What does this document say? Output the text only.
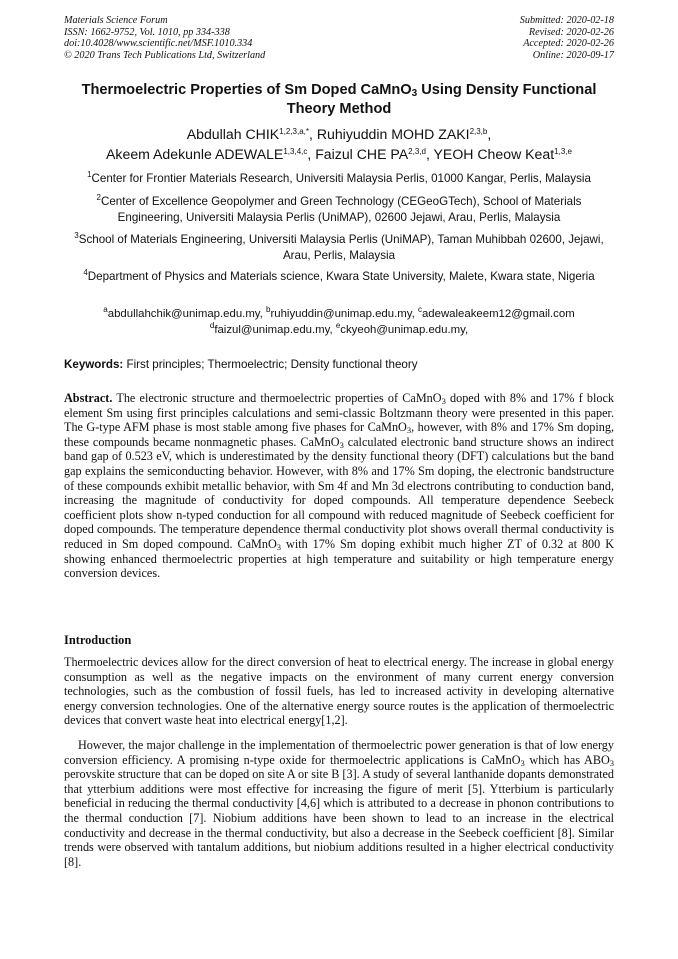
Materials Science Forum
ISSN: 1662-9752, Vol. 1010, pp 334-338
doi:10.4028/www.scientific.net/MSF.1010.334
© 2020 Trans Tech Publications Ltd, Switzerland
Submitted: 2020-02-18
Revised: 2020-02-26
Accepted: 2020-02-26
Online: 2020-09-17
Thermoelectric Properties of Sm Doped CaMnO$_3$ Using Density Functional Theory Method
Abdullah $CHIK^{1,2,3,a,*}$, Ruhiyuddin MOHD ZAKI$^{2,3,b}$,
Akeem Adekunle ADEWALE$^{1,3,4,c}$, Faizul CHE PA$^{2,3,d}$, YEOH Cheow Keat$^{1,3,e}$
$^1$Center for Frontier Materials Research, Universiti Malaysia Perlis, 01000 Kangar, Perlis, Malaysia
$^2$Center of Excellence Geopolymer and Green Technology (CEGeoGTech), School of Materials Engineering, Universiti Malaysia Perlis (UniMAP), 02600 Jejawi, Arau, Perlis, Malaysia
$^3$School of Materials Engineering, Universiti Malaysia Perlis (UniMAP), Taman Muhibbah 02600, Jejawi, Arau, Perlis, Malaysia
$^4$Department of Physics and Materials science, Kwara State University, Malete, Kwara state, Nigeria
$^a$abdullahchik@unimap.edu.my, $^b$ruhiyuddin@unimap.edu.my, $^c$adewaleakeem12@gmail.com
$^d$faizul@unimap.edu.my, $^e$ckyeoh@unimap.edu.my,
Keywords: First principles; Thermoelectric; Density functional theory
Abstract. The electronic structure and thermoelectric properties of CaMnO$_3$ doped with 8% and 17% f block element Sm using first principles calculations and semi-classic Boltzmann theory were presented in this paper. The G-type AFM phase is most stable among five phases for CaMnO$_3$, however, with 8% and 17% Sm doping, these compounds became nonmagnetic phases. CaMnO$_3$ calculated electronic band structure shows an indirect band gap of 0.523 eV, which is underestimated by the density functional theory (DFT) calculations but the band gap explains the semiconducting behavior. However, with 8% and 17% Sm doping, the electronic bandstructure of these compounds exhibit metallic behavior, with Sm 4f and Mn 3d electrons contributing to conduction band, increasing the magnitude of conductivity for doped compounds. All temperature dependence Seebeck coefficient plots show n-typed conduction for all compound with reduced magnitude of Seebeck coefficient for doped compounds. The temperature dependence thermal conductivity plot shows overall thermal conductivity is reduced in Sm doped compound. CaMnO$_3$ with 17% Sm doping exhibit much higher ZT of 0.32 at 800 K showing enhanced thermoelectric properties at high temperature and suitability or high temperature energy conversion devices.
Introduction
Thermoelectric devices allow for the direct conversion of heat to electrical energy. The increase in global energy consumption as well as the negative impacts on the environment of many current energy conversion technologies, such as the combustion of fossil fuels, has led to increased activity in developing alternative energy conversion technologies. One of the alternative energy source routes is the application of thermoelectric devices that convert waste heat into electrical energy[1,2].
However, the major challenge in the implementation of thermoelectric power generation is that of low energy conversion efficiency. A promising n-type oxide for thermoelectric applications is CaMnO$_3$ which has $ABO_3$ perovskite structure that can be doped on site A or site B [3]. A study of several lanthanide dopants demonstrated that ytterbium additions were most effective for increasing the figure of merit [5]. Ytterbium is particularly beneficial in reducing the thermal conductivity [4,6] which is attributed to a decrease in phonon contributions to the thermal conduction [7]. Niobium additions have been shown to lead to an increase in the electrical conductivity and decrease in the thermal conductivity, but also a decrease in the Seebeck coefficient [8]. Similar trends were observed with tantalum additions, but niobium additions resulted in a higher electrical conductivity [8].
